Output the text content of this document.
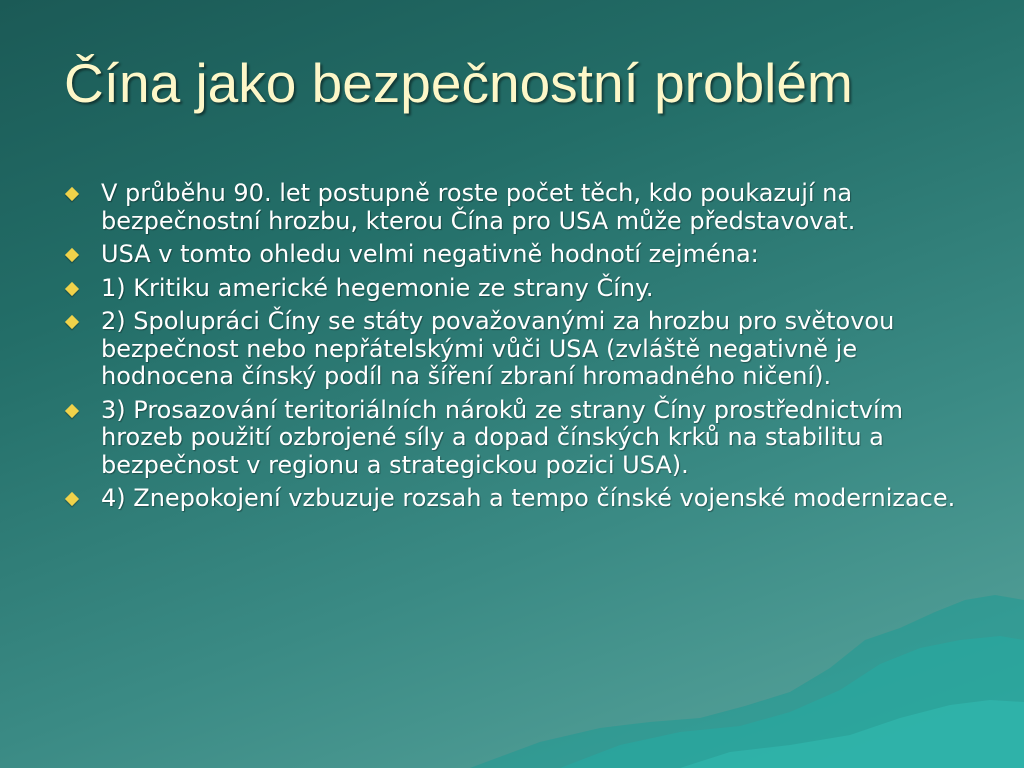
Čína jako bezpečnostní problém
V průběhu 90. let postupně roste počet těch, kdo poukazují na bezpečnostní hrozbu, kterou Čína pro USA může představovat.
USA v tomto ohledu velmi negativně hodnotí zejména:
1) Kritiku americké hegemonie ze strany Číny.
2) Spolupráci Číny se státy považovanými za hrozbu pro světovou bezpečnost nebo nepřátelskými vůči USA (zvláště negativně je hodnocena čínský podíl na šíření zbraní hromadného ničení).
3) Prosazování teritoriálních nároků ze strany Číny prostřednictvím hrozeb použití ozbrojené síly a dopad čínských krků na stabilitu a bezpečnost v regionu a strategickou pozici USA).
4) Znepokojení vzbuzuje rozsah a tempo čínské vojenské modernizace.
